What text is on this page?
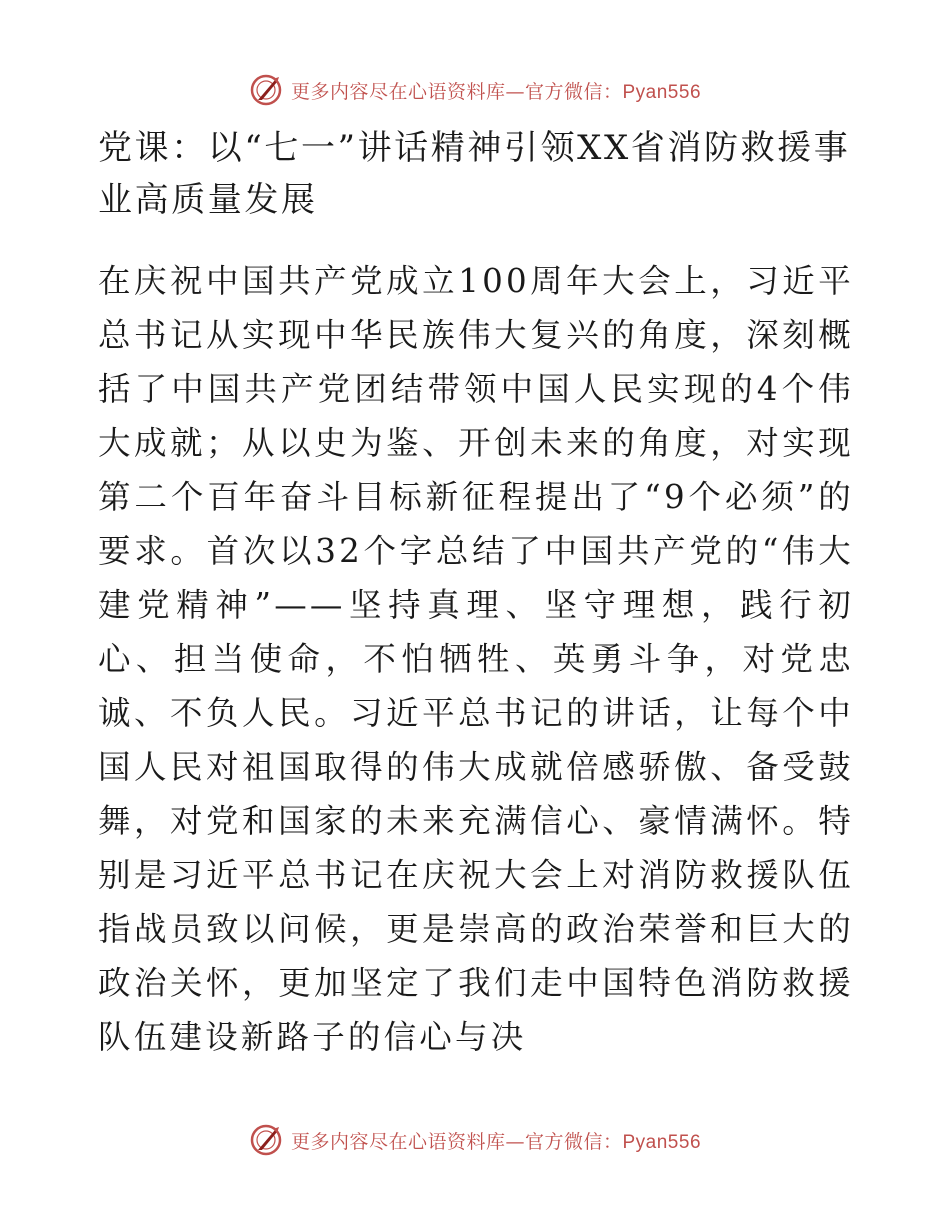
更多内容尽在心语资料库—官方微信：Pyan556
党课：以“七一”讲话精神引领XX省消防救援事业高质量发展

在庆祝中国共产党成立100周年大会上，习近平总书记从实现中华民族伟大复兴的角度，深刻概括了中国共产党团结带领中国人民实现的4个伟大成就；从以史为鉴、开创未来的角度，对实现第二个百年奋斗目标新征程提出了“9个必须”的要求。首次以32个字总结了中国共产党的“伟大建党精神”——坚持真理、坚守理想，践行初心、担当使命，不怕牺牲、英勇斗争，对党忠诚、不负人民。习近平总书记的讲话，让每个中国人民对祖国取得的伟大成就倍感骄傲、备受鼓舞，对党和国家的未来充满信心、豪情满怀。特别是习近平总书记在庆祝大会上对消防救援队伍指战员致以问候，更是崇高的政治荣誉和巨大的政治关怀，更加坚定了我们走中国特色消防救援队伍建设新路子的信心与决

更多内容尽在心语资料库—官方微信：Pyan556
